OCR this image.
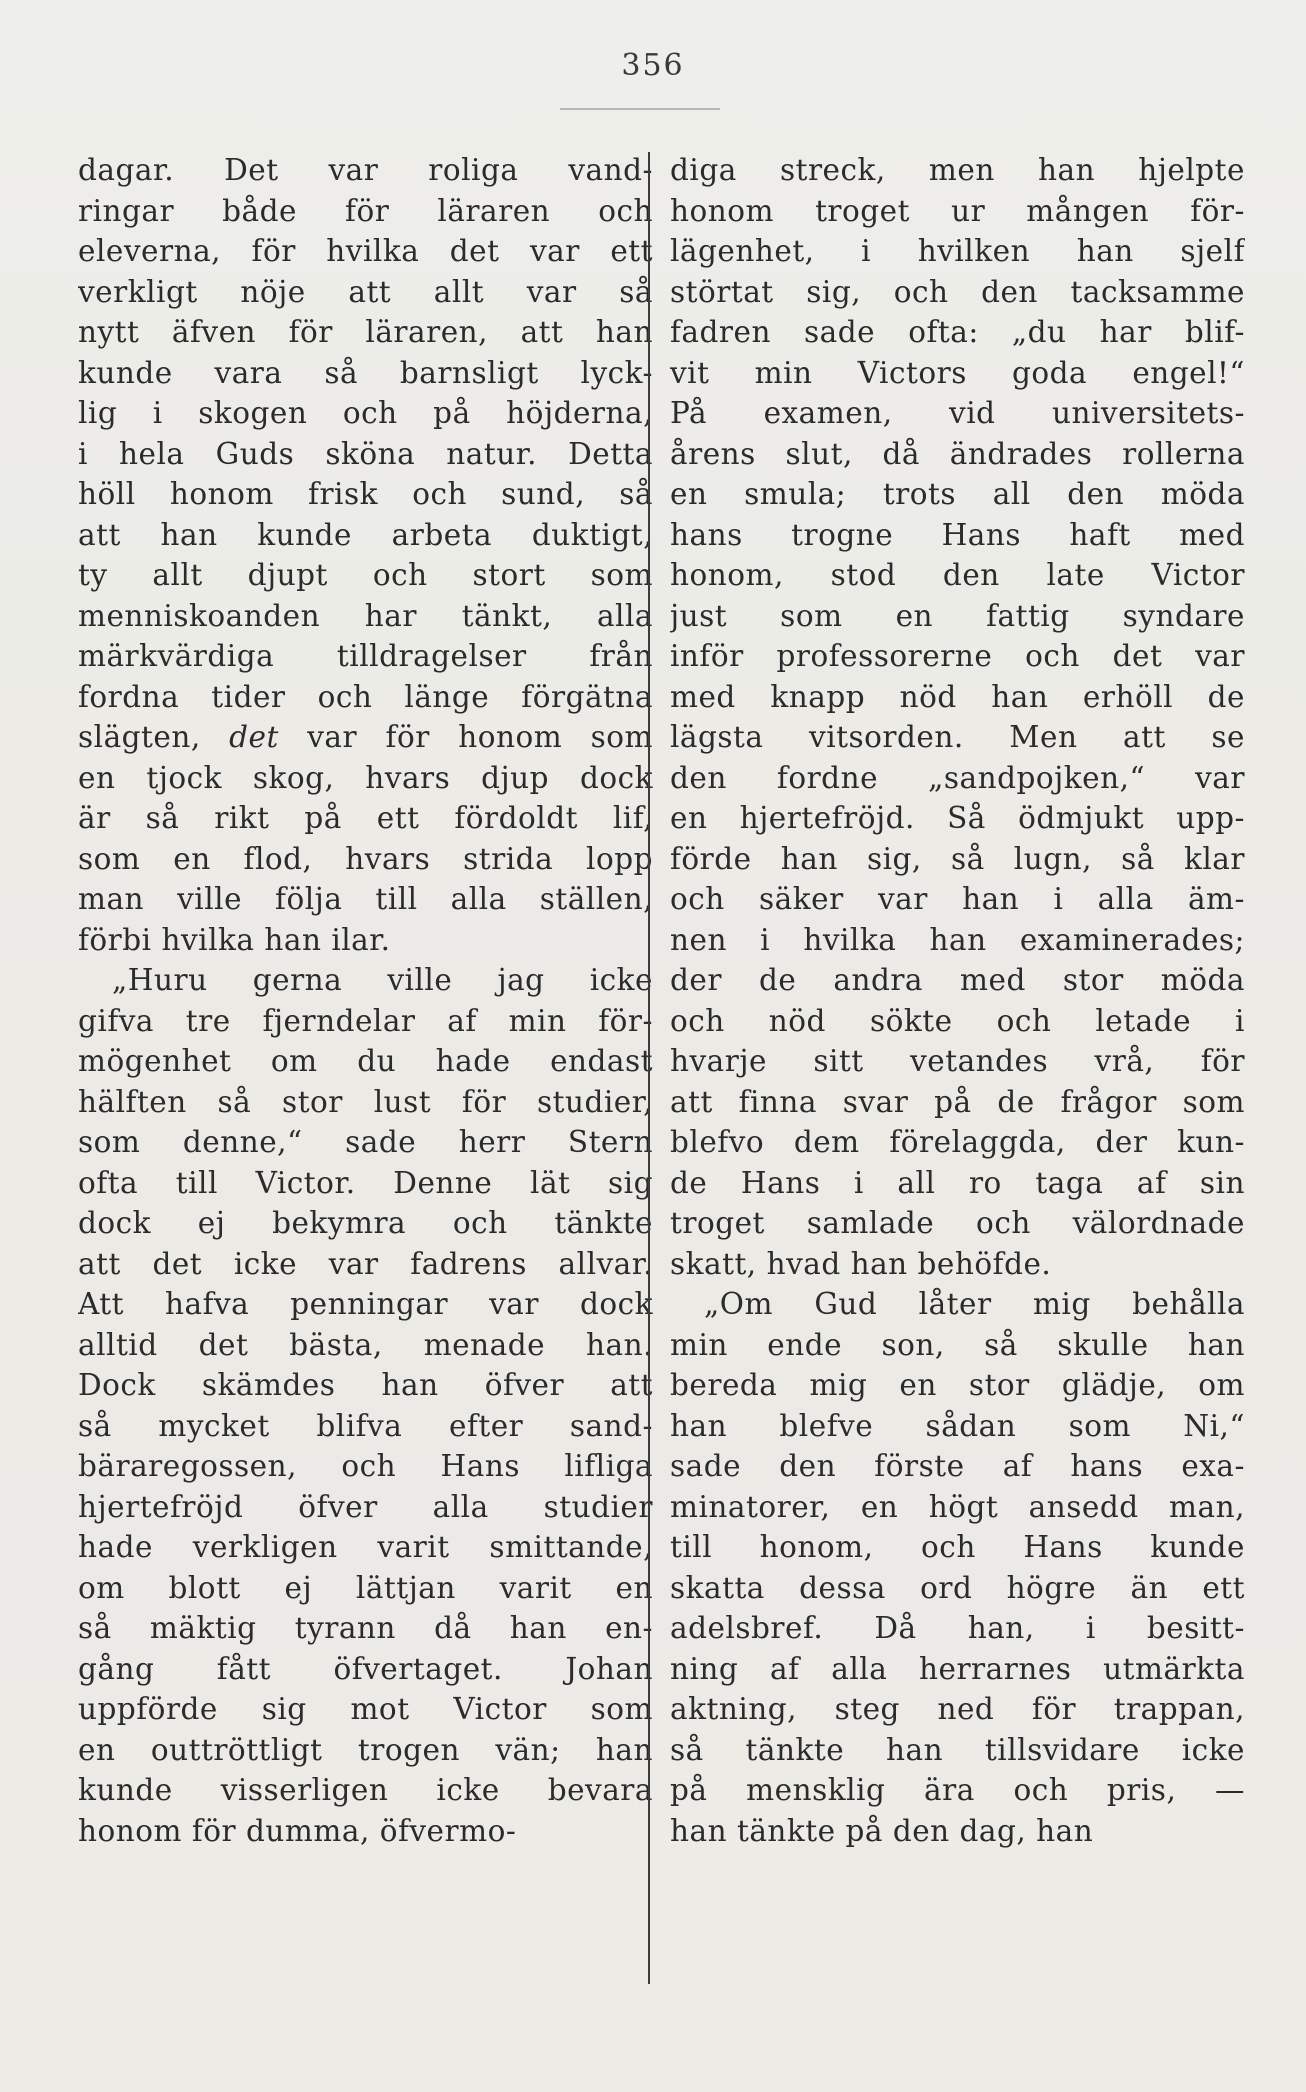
356
dagar. Det var roliga vand-
ringar både för läraren och
eleverna, för hvilka det var ett
verkligt nöje att allt var så
nytt äfven för läraren, att han
kunde vara så barnsligt lyck-
lig i skogen och på höjderna,
i hela Guds sköna natur. Detta
höll honom frisk och sund, så
att han kunde arbeta duktigt,
ty allt djupt och stort som
menniskoanden har tänkt, alla
märkvärdiga tilldragelser från
fordna tider och länge förgätna
slägten, det var för honom som
en tjock skog, hvars djup dock
är så rikt på ett fördoldt lif,
som en flod, hvars strida lopp
man ville följa till alla ställen,
förbi hvilka han ilar.
„Huru gerna ville jag icke
gifva tre fjerndelar af min för-
mögenhet om du hade endast
hälften så stor lust för studier,
som denne,“ sade herr Stern
ofta till Victor. Denne lät sig
dock ej bekymra och tänkte
att det icke var fadrens allvar.
Att hafva penningar var dock
alltid det bästa, menade han.
Dock skämdes han öfver att
så mycket blifva efter sand-
bäraregossen, och Hans lifliga
hjertefröjd öfver alla studier
hade verkligen varit smittande,
om blott ej lättjan varit en
så mäktig tyrann då han en-
gång fått öfvertaget. Johan
uppförde sig mot Victor som
en outtröttligt trogen vän; han
kunde visserligen icke bevara
honom för dumma, öfvermo-
diga streck, men han hjelpte
honom troget ur mången för-
lägenhet, i hvilken han sjelf
störtat sig, och den tacksamme
fadren sade ofta: „du har blif-
vit min Victors goda engel!“
På examen, vid universitets-
årens slut, då ändrades rollerna
en smula; trots all den möda
hans trogne Hans haft med
honom, stod den late Victor
just som en fattig syndare
inför professorerne och det var
med knapp nöd han erhöll de
lägsta vitsorden. Men att se
den fordne „sandpojken,“ var
en hjertefröjd. Så ödmjukt upp-
förde han sig, så lugn, så klar
och säker var han i alla äm-
nen i hvilka han examinerades;
der de andra med stor möda
och nöd sökte och letade i
hvarje sitt vetandes vrå, för
att finna svar på de frågor som
blefvo dem förelaggda, der kun-
de Hans i all ro taga af sin
troget samlade och välordnade
skatt, hvad han behöfde.
„Om Gud låter mig behålla
min ende son, så skulle han
bereda mig en stor glädje, om
han blefve sådan som Ni,“
sade den förste af hans exa-
minatorer, en högt ansedd man,
till honom, och Hans kunde
skatta dessa ord högre än ett
adelsbref. Då han, i besitt-
ning af alla herrarnes utmärkta
aktning, steg ned för trappan,
så tänkte han tillsvidare icke
på mensklig ära och pris, —
han tänkte på den dag, han
